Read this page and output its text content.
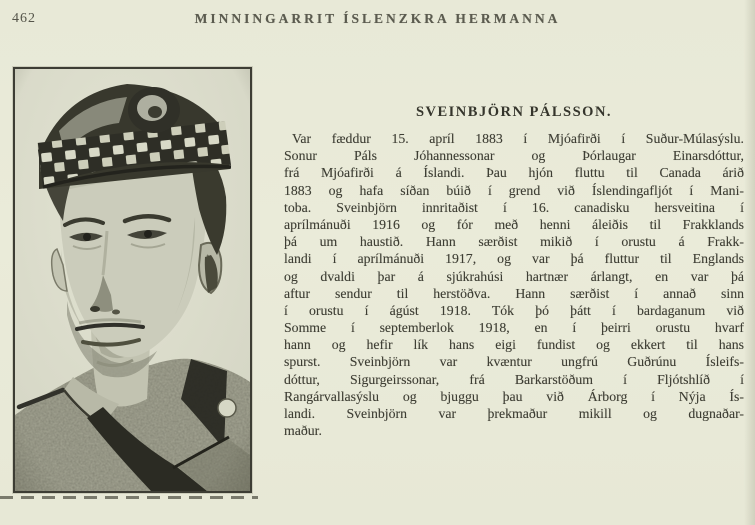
462	MINNINGARRIT ÍSLENZKRA HERMANNA
SVEINBJÖRN PÁLSSON.
Var fæddur 15. apríl 1883 í Mjóafirði í Suður-Múlasýslu.
Sonur Páls Jóhannessonar og Þórlaugar Einarsdóttur,
frá Mjóafirði á Íslandi. Þau hjón fluttu til Canada árið
1883 og hafa síðan búið í grend við Íslendingafljót í Mani-
toba. Sveinbjörn innritaðist í 16. canadisku hersveitina í
aprílmánuði 1916 og fór með henni áleiðis til Frakklands
þá um haustið. Hann særðist mikið í orustu á Frakk-
landi í aprílmánuði 1917, og var þá fluttur til Englands
og dvaldi þar á sjúkrahúsi hartnær árlangt, en var þá
aftur sendur til herstöðva. Hann særðist í annað sinn
í orustu í ágúst 1918. Tók þó þátt í bardaganum við
Somme í septemberlok 1918, en í þeirri orustu hvarf
hann og hefir lík hans eigi fundist og ekkert til hans
spurst. Sveinbjörn var kvæntur ungfrú Guðrúnu Ísleifs-
dóttur, Sigurgeirssonar, frá Barkarstöðum í Fljótshlíð í
Rangárvallasýslu og bjuggu þau við Árborg í Nýja Ís-
landi. Sveinbjörn var þrekmaður mikill og dugnaðar-
maður.
